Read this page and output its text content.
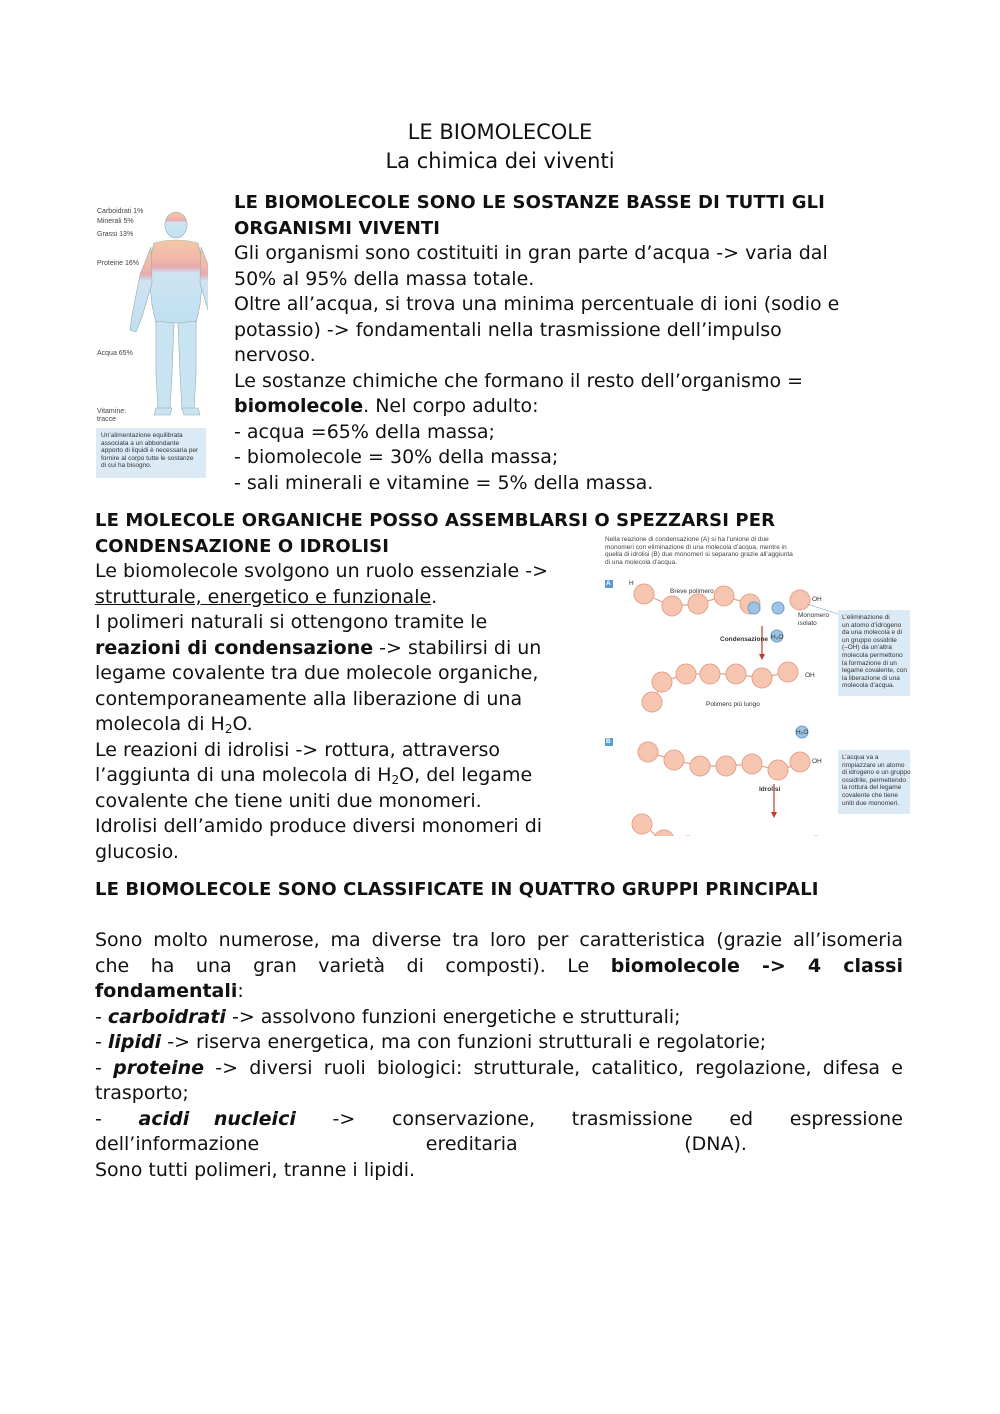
LE BIOMOLECOLE
La chimica dei viventi
Carboidrati 1%
Minerali 5%
Grassi 13%
Proteine 16%
Acqua 65%
Vitamine:
tracce
Un’alimentazione equilibrata
associata a un abbondante
apporto di liquidi è necessaria per
fornire al corpo tutte le sostanze
di cui ha bisogno.
LE BIOMOLECOLE SONO LE SOSTANZE BASSE DI TUTTI GLI
ORGANISMI VIVENTI
Gli organismi sono costituiti in gran parte d’acqua -> varia dal
50% al 95% della massa totale.
Oltre all’acqua, si trova una minima percentuale di ioni (sodio e
potassio) -> fondamentali nella trasmissione dell’impulso
nervoso.
Le sostanze chimiche che formano il resto dell’organismo =
biomolecole. Nel corpo adulto:
- acqua =65% della massa;
- biomolecole = 30% della massa;
- sali minerali e vitamine = 5% della massa.
LE MOLECOLE ORGANICHE POSSO ASSEMBLARSI O SPEZZARSI PER
CONDENSAZIONE O IDROLISI
Le biomolecole svolgono un ruolo essenziale ->
strutturale, energetico e funzionale.
I polimeri naturali si ottengono tramite le
reazioni di condensazione -> stabilirsi di un
legame covalente tra due molecole organiche,
contemporaneamente alla liberazione di una
molecola di $H_2O$.
Le reazioni di idrolisi -> rottura, attraverso
l’aggiunta di una molecola di $H_2O$, del legame
covalente che tiene uniti due monomeri.
Idrolisi dell’amido produce diversi monomeri di
glucosio.
Nella reazione di condensazione (A) si ha l’unione di due
monomeri con eliminazione di una molecola d’acqua, mentre in
quella di idrolisi (B) due monomeri si separano grazie all’aggiunta
di una molecola d’acqua.
A
B
H
Breve polimero
OH
Monomero
isolato
Condensazione H₂O
OH
Polimero più lungo
H₂O
OH
Idrolisi
L’eliminazione di
un atomo d’idrogeno
da una molecola e di
un gruppo ossidrile
(–OH) da un’altra
molecola permettono
la formazione di un
legame covalente, con
la liberazione di una
molecola d’acqua.
L’acqua va a
rimpiazzare un atomo
di idrogeno e un gruppo
ossidrile, permettendo
la rottura del legame
covalente che tiene
uniti due monomeri.
LE BIOMOLECOLE SONO CLASSIFICATE IN QUATTRO GRUPPI PRINCIPALI
Sono molto numerose, ma diverse tra loro per caratteristica (grazie all’isomeria
che ha una gran varietà di composti). Le biomolecole -> 4 classi
fondamentali:
- carboidrati -> assolvono funzioni energetiche e strutturali;
- lipidi -> riserva energetica, ma con funzioni strutturali e regolatorie;
- proteine -> diversi ruoli biologici: strutturale, catalitico, regolazione, difesa e
trasporto;
- acidi nucleici -> conservazione, trasmissione ed espressione
dell’informazione	ereditaria	(DNA).
Sono tutti polimeri, tranne i lipidi.
